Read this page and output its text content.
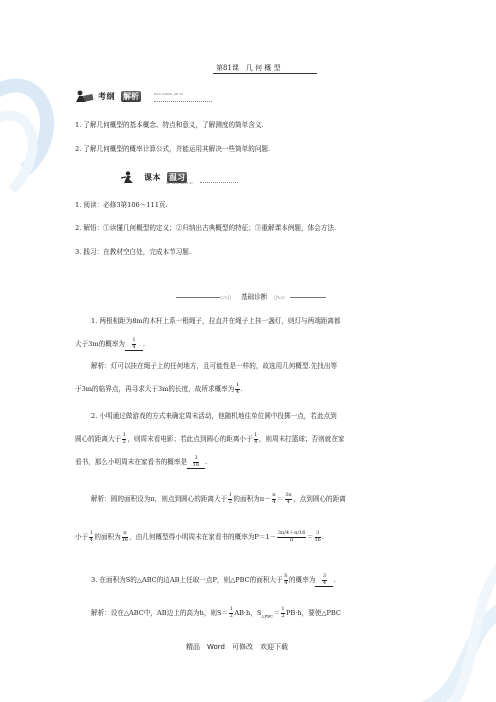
第81课　几 何 概 型
考纲 解析	KAO GANG JIE XI
1. 了解几何概型的基本概念、特点和意义，了解测度的简单含义.
2. 了解几何概型的概率计算公式，并能运用其解决一些简单的问题.
课本 温习
KE BEN WEN XI
1. 阅读：必修3第106～111页.
2. 解悟：①读懂几何概型的定义；②归纳出古典概型的特征；③重解课本例题，体会方法.
3. 践习：在教材空白处，完成本节习题.
◇∿▯ 基础诊断 ▯∿◇
1. 两根相距为8m的木杆上系一根绳子，拉直并在绳子上挂一盏灯，则灯与两端距离都
大于3m的概率为 $\frac{1}{4}$ .
解析：灯可以挂在绳子上的任何地方，且可能性是一样的，故选用几何概型.先找出等
于3m的临界点，再寻求大于3m的长度，故所求概率为 $\frac{1}{4}$ .
2. 小明通过做游戏的方式来确定周末活动，他随机地往单位圆中投掷一点，若此点到
圆心的距离大于 $\frac{1}{2}$ ，则周末看电影；若此点到圆心的距离小于 $\frac{1}{4}$ ，则周末打篮球；否则就在家
看书，那么小明周末在家看书的概率是 $\frac{3}{16}$ .
解析：圆的面积设为π，则点到圆心的距离大于 $\frac{1}{2}$ 的面积为$\pi- \frac{\pi}{4} = \frac{3\pi}{4}$ ，点到圆心的距离
小于 $\frac{1}{4}$ 的面积为 $\frac{\pi}{16}$ ，由几何概型得小明周末在家看书的概率为$P=1- \frac{3\pi/4+\pi/16}{\pi} = \frac{3}{16}$ .
3. 在面积为S的△ABC的边AB上任取一点P，则△PBC的面积大于 $\frac{S}{4}$ 的概率为 $\frac{3}{4}$ .
解析：设在△ABC中，AB边上的高为h，则$S= \frac{1}{2} AB\cdot h$，$S_{\triangle PBC}= \frac{1}{2} PB\cdot h$，要使△PBC
精品　Word　可修改　欢迎下载
